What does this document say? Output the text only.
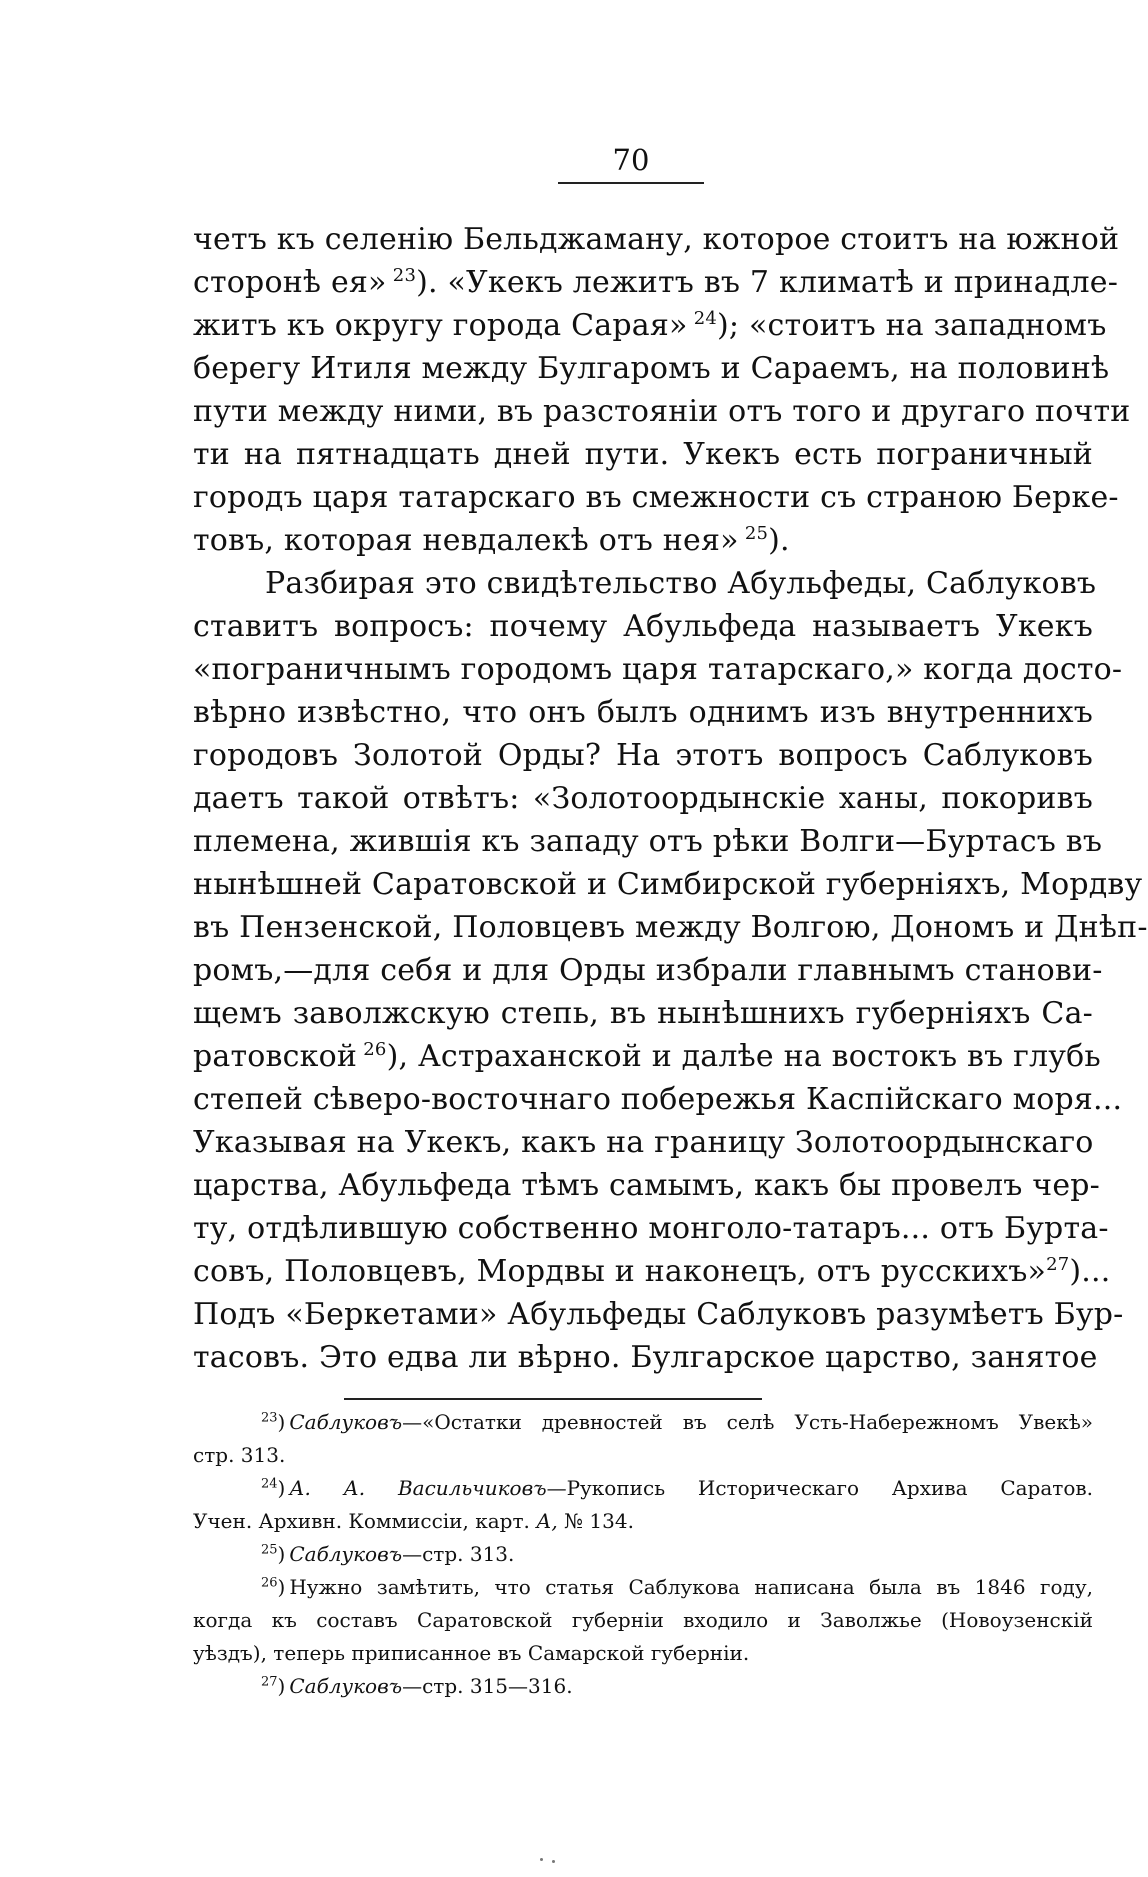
70
четъ къ селенію Бельджаману, которое стоитъ на южной
сторонѣ ея»  $^{23}$). «Укекъ лежитъ въ 7 климатѣ и принадле-
житъ къ округу города Сарая»  $^{24}$); «стоитъ на западномъ
берегу Итиля между Булгаромъ и Сараемъ, на половинѣ
пути между ними, въ разстояніи отъ того и другаго почти
ти на пятнадцать дней пути. Укекъ есть пограничный
городъ царя татарскаго въ смежности съ страною Берке-
товъ, которая невдалекѣ отъ нея»  $^{25}$).
Разбирая это свидѣтельство Абульфеды, Саблуковъ
ставитъ вопросъ: почему Абульфеда называетъ Укекъ
«пограничнымъ городомъ царя татарскаго,» когда досто-
вѣрно извѣстно, что онъ былъ однимъ изъ внутреннихъ
городовъ Золотой Орды? На этотъ вопросъ Саблуковъ
даетъ такой отвѣтъ: «Золотоордынскіе ханы, покоривъ
племена, жившія къ западу отъ рѣки Волги—Буртасъ въ
нынѣшней Саратовской и Симбирской губерніяхъ, Мордву
въ Пензенской, Половцевъ между Волгою, Дономъ и Днѣп-
ромъ,—для себя и для Орды избрали главнымъ станови-
щемъ заволжскую степь, въ нынѣшнихъ губерніяхъ Са-
ратовской  $^{26}$), Астраханской и далѣе на востокъ въ глубь
степей сѣверо-восточнаго побережья Каспійскаго моря...
Указывая на Укекъ, какъ на границу Золотоордынскаго
царства, Абульфеда тѣмъ самымъ, какъ бы провелъ чер-
ту, отдѣлившую собственно монголо-татаръ... отъ Бурта-
совъ, Половцевъ, Мордвы и наконецъ, отъ русскихъ»$^{27}$)...
Подъ «Беркетами» Абульфеды Саблуковъ разумѣетъ Бур-
тасовъ. Это едва ли вѣрно. Булгарское царство, занятое
$^{23}$) Саблуковъ—«Остатки древностей въ селѣ Усть-Набережномъ Увекѣ»
стр. 313.
$^{24}$) А. А. Васильчиковъ—Рукопись Историческаго Архива Саратов.
Учен. Архивн. Коммиссіи, карт. А, № 134.
$^{25}$) Саблуковъ—стр. 313.
$^{26}$) Нужно замѣтить, что статья Саблукова написана была въ 1846 году,
когда къ составъ Саратовской губерніи входило и Заволжье (Новоузенскій
уѣздъ), теперь приписанное въ Самарской губерніи.
$^{27}$) Саблуковъ—стр. 315—316.
